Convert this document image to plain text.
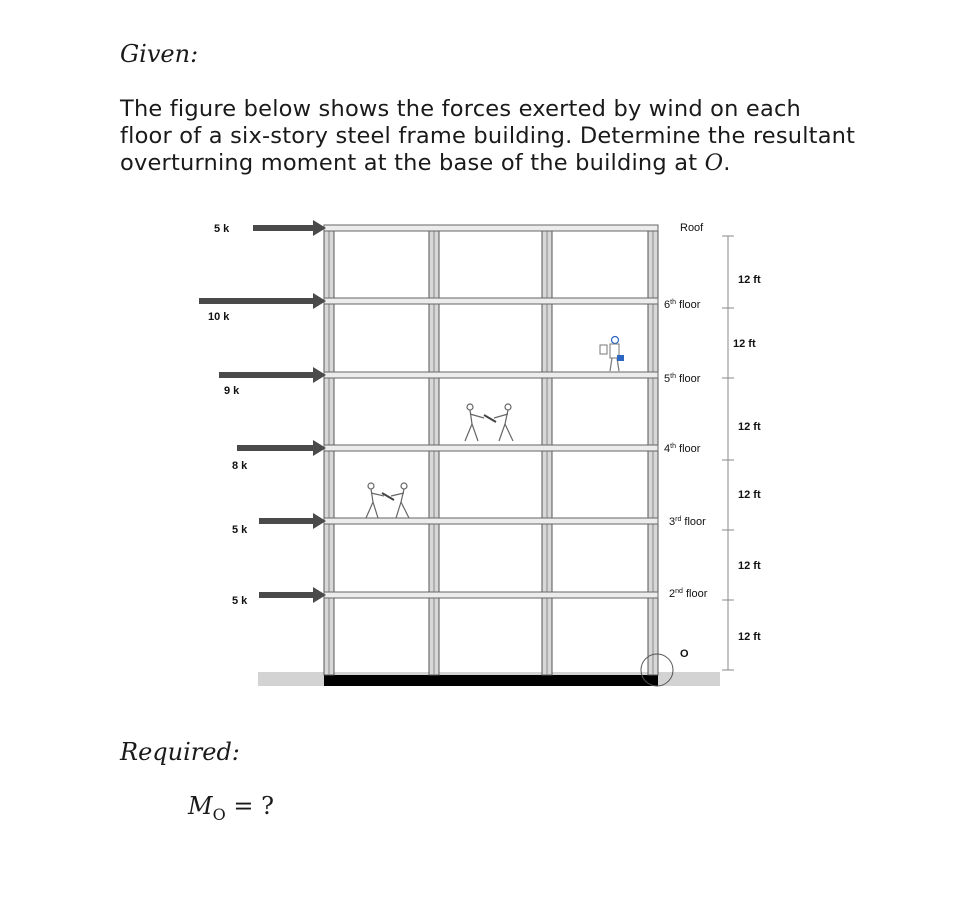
Given:
The figure below shows the forces exerted by wind on each floor of a six-story steel frame building. Determine the resultant overturning moment at the base of the building at O.
5 k
10 k
9 k
8 k
5 k
5 k
Roof
6th floor
5th floor
4th floor
3rd floor
2nd floor
12 ft
12 ft
12 ft
12 ft
12 ft
12 ft
O
Required:
$M_O$ = ?
